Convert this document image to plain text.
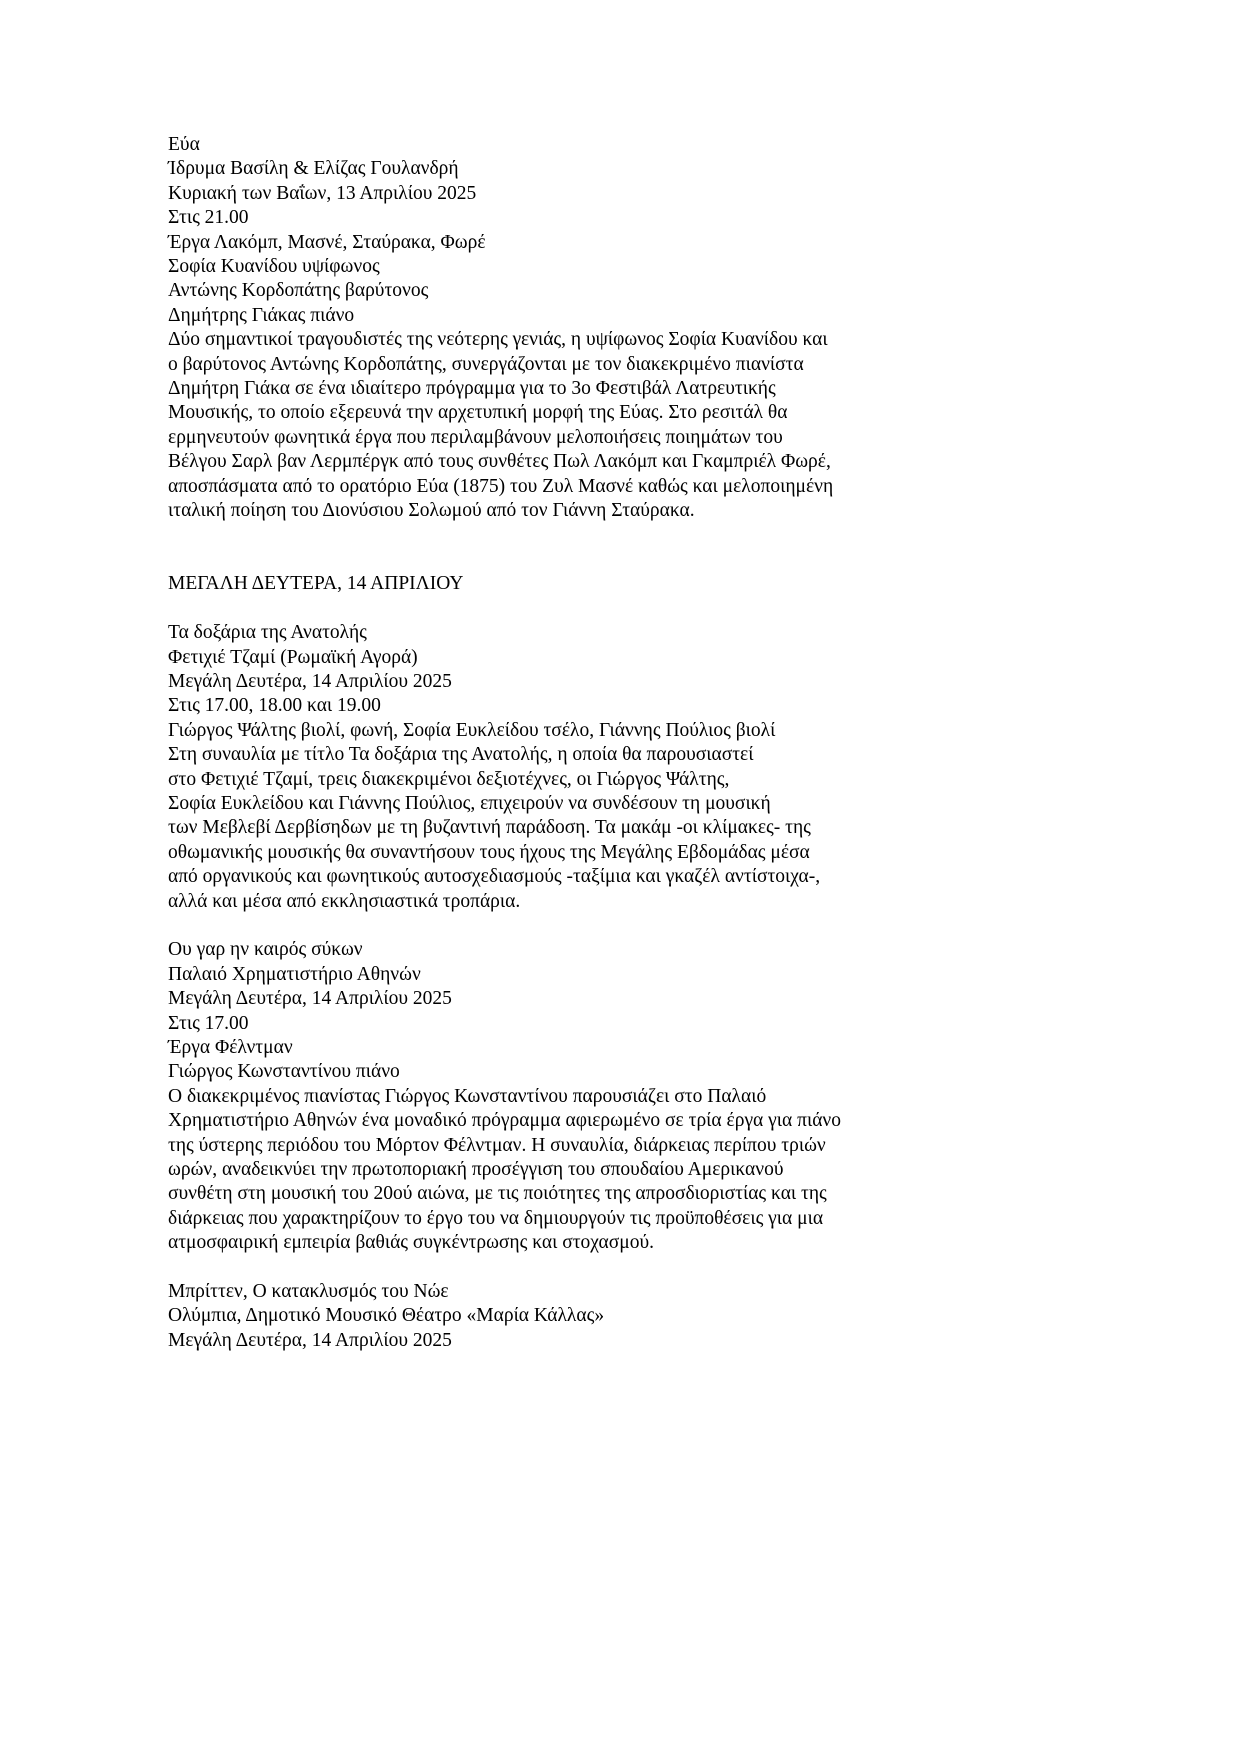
Εύα
Ίδρυμα Βασίλη & Ελίζας Γουλανδρή
Κυριακή των Βαΐων, 13 Απριλίου 2025
Στις 21.00
Έργα Λακόμπ, Μασνέ, Σταύρακα, Φωρέ
Σοφία Κυανίδου υψίφωνος
Αντώνης Κορδοπάτης βαρύτονος
Δημήτρης Γιάκας πιάνο
Δύο σημαντικοί τραγουδιστές της νεότερης γενιάς, η υψίφωνος Σοφία Κυανίδου και
ο βαρύτονος Αντώνης Κορδοπάτης, συνεργάζονται με τον διακεκριμένο πιανίστα
Δημήτρη Γιάκα σε ένα ιδιαίτερο πρόγραμμα για το 3ο Φεστιβάλ Λατρευτικής
Μουσικής, το οποίο εξερευνά την αρχετυπική μορφή της Εύας. Στο ρεσιτάλ θα
ερμηνευτούν φωνητικά έργα που περιλαμβάνουν μελοποιήσεις ποιημάτων του
Βέλγου Σαρλ βαν Λερμπέργκ από τους συνθέτες Πωλ Λακόμπ και Γκαμπριέλ Φωρέ,
αποσπάσματα από το ορατόριο Εύα (1875) του Ζυλ Μασνέ καθώς και μελοποιημένη
ιταλική ποίηση του Διονύσιου Σολωμού από τον Γιάννη Σταύρακα.
ΜΕΓΑΛΗ ΔΕΥΤΕΡΑ, 14 ΑΠΡΙΛΙΟΥ
Τα δοξάρια της Ανατολής
Φετιχιέ Τζαμί (Ρωμαϊκή Αγορά)
Μεγάλη Δευτέρα, 14 Απριλίου 2025
Στις 17.00, 18.00 και 19.00
Γιώργος Ψάλτης βιολί, φωνή, Σοφία Ευκλείδου τσέλο, Γιάννης Πούλιος βιολί
Στη συναυλία με τίτλο Τα δοξάρια της Ανατολής, η οποία θα παρουσιαστεί
στο Φετιχιέ Τζαμί, τρεις διακεκριμένοι δεξιοτέχνες, οι Γιώργος Ψάλτης,
Σοφία Ευκλείδου και Γιάννης Πούλιος, επιχειρούν να συνδέσουν τη μουσική
των Μεβλεβί Δερβίσηδων με τη βυζαντινή παράδοση. Τα μακάμ -οι κλίμακες- της
οθωμανικής μουσικής θα συναντήσουν τους ήχους της Μεγάλης Εβδομάδας μέσα
από οργανικούς και φωνητικούς αυτοσχεδιασμούς -ταξίμια και γκαζέλ αντίστοιχα-,
αλλά και μέσα από εκκλησιαστικά τροπάρια.
Ου γαρ ην καιρός σύκων
Παλαιό Χρηματιστήριο Αθηνών
Μεγάλη Δευτέρα, 14 Απριλίου 2025
Στις 17.00
Έργα Φέλντμαν
Γιώργος Κωνσταντίνου πιάνο
Ο διακεκριμένος πιανίστας Γιώργος Κωνσταντίνου παρουσιάζει στο Παλαιό
Χρηματιστήριο Αθηνών ένα μοναδικό πρόγραμμα αφιερωμένο σε τρία έργα για πιάνο
της ύστερης περιόδου του Μόρτον Φέλντμαν. Η συναυλία, διάρκειας περίπου τριών
ωρών, αναδεικνύει την πρωτοποριακή προσέγγιση του σπουδαίου Αμερικανού
συνθέτη στη μουσική του 20ού αιώνα, με τις ποιότητες της απροσδιοριστίας και της
διάρκειας που χαρακτηρίζουν το έργο του να δημιουργούν τις προϋποθέσεις για μια
ατμοσφαιρική εμπειρία βαθιάς συγκέντρωσης και στοχασμού.
Μπρίττεν, Ο κατακλυσμός του Νώε
Ολύμπια, Δημοτικό Μουσικό Θέατρο «Μαρία Κάλλας»
Μεγάλη Δευτέρα, 14 Απριλίου 2025
